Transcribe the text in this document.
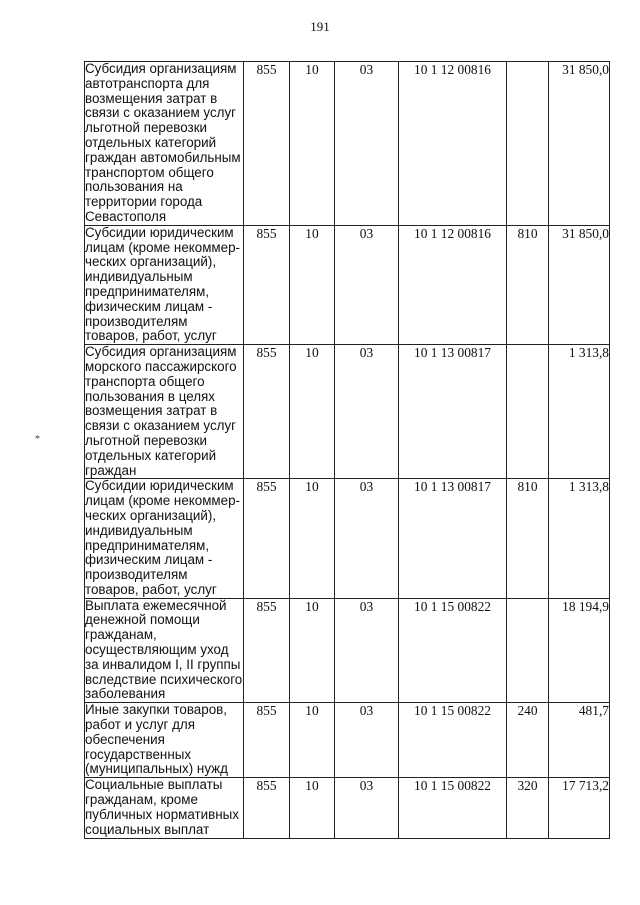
191
*
Субсидия организациям автотранспорта для возмещения затрат в связи с оказанием услуг льготной перевозки отдельных категорий граждан автомобильным транспортом общего пользования на территории города Севастополя	855	10	03	10 1 12 00816		31 850,0
Субсидии юридическим лицам (кроме некоммер-ческих организаций), индивидуальным предпринимателям, физическим лицам - производителям товаров, работ, услуг	855	10	03	10 1 12 00816	810	31 850,0
Субсидия организациям морского пассажирского транспорта общего пользования в целях возмещения затрат в связи с оказанием услуг льготной перевозки отдельных категорий граждан	855	10	03	10 1 13 00817		1 313,8
Субсидии юридическим лицам (кроме некоммер-ческих организаций), индивидуальным предпринимателям, физическим лицам - производителям товаров, работ, услуг	855	10	03	10 1 13 00817	810	1 313,8
Выплата ежемесячной денежной помощи гражданам, осуществляющим уход за инвалидом I, II группы вследствие психического заболевания	855	10	03	10 1 15 00822		18 194,9
Иные закупки товаров, работ и услуг для обеспечения государственных (муниципальных) нужд	855	10	03	10 1 15 00822	240	481,7
Социальные выплаты гражданам, кроме публичных нормативных социальных выплат	855	10	03	10 1 15 00822	320	17 713,2
